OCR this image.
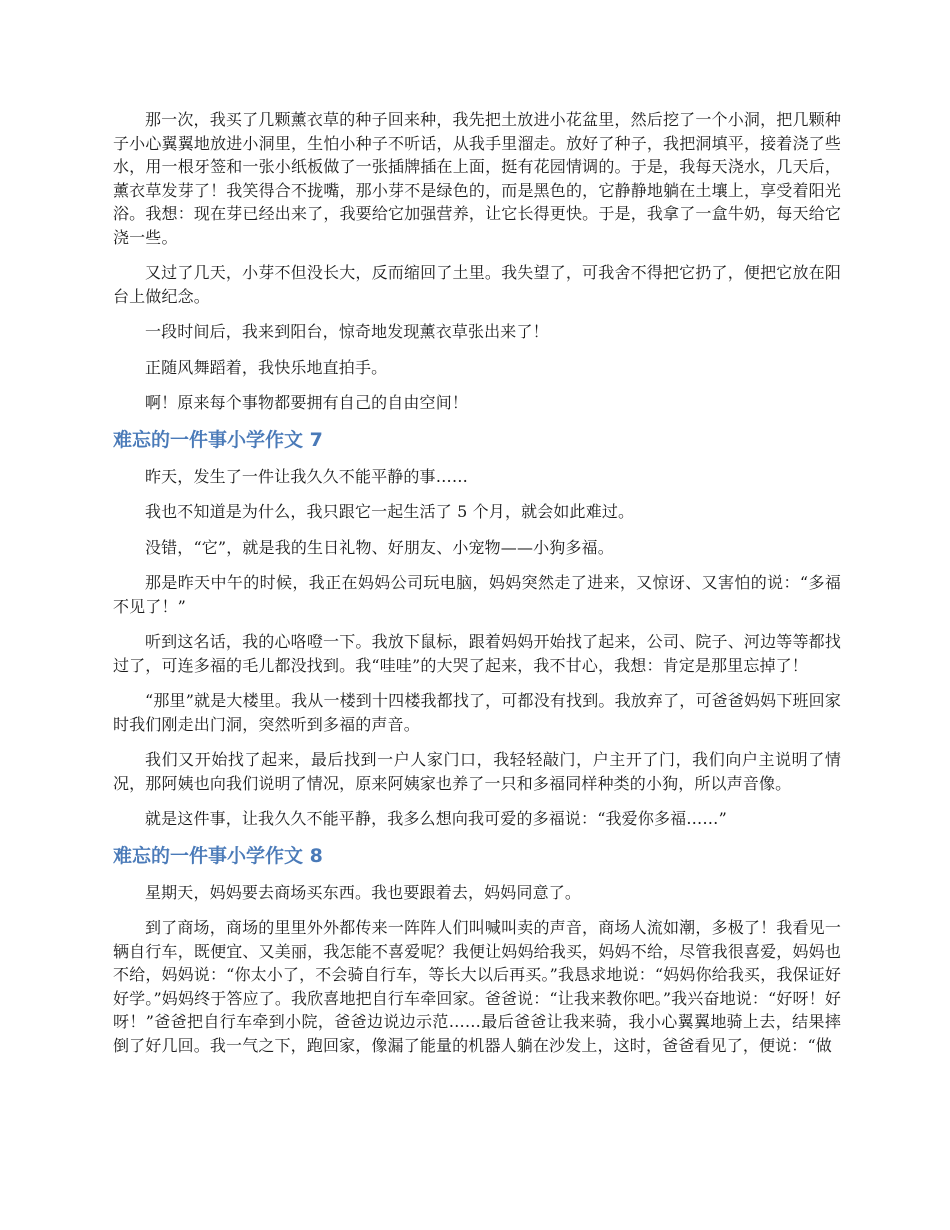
那一次，我买了几颗薰衣草的种子回来种，我先把土放进小花盆里，然后挖了一个小洞，把几颗种子小心翼翼地放进小洞里，生怕小种子不听话，从我手里溜走。放好了种子，我把洞填平，接着浇了些水，用一根牙签和一张小纸板做了一张插牌插在上面，挺有花园情调的。于是，我每天浇水，几天后，薰衣草发芽了！我笑得合不拢嘴，那小芽不是绿色的，而是黑色的，它静静地躺在土壤上，享受着阳光浴。我想：现在芽已经出来了，我要给它加强营养，让它长得更快。于是，我拿了一盒牛奶，每天给它浇一些。

又过了几天，小芽不但没长大，反而缩回了土里。我失望了，可我舍不得把它扔了，便把它放在阳台上做纪念。

一段时间后，我来到阳台，惊奇地发现薰衣草张出来了！

正随风舞蹈着，我快乐地直拍手。

啊！原来每个事物都要拥有自己的自由空间！

难忘的一件事小学作文 7

昨天，发生了一件让我久久不能平静的事……

我也不知道是为什么，我只跟它一起生活了 5 个月，就会如此难过。

没错，“它”，就是我的生日礼物、好朋友、小宠物——小狗多福。

那是昨天中午的时候，我正在妈妈公司玩电脑，妈妈突然走了进来，又惊讶、又害怕的说：“多福不见了！”

听到这名话，我的心咯噔一下。我放下鼠标，跟着妈妈开始找了起来，公司、院子、河边等等都找过了，可连多福的毛儿都没找到。我“哇哇”的大哭了起来，我不甘心，我想：肯定是那里忘掉了！

“那里”就是大楼里。我从一楼到十四楼我都找了，可都没有找到。我放弃了，可爸爸妈妈下班回家时我们刚走出门洞，突然听到多福的声音。

我们又开始找了起来，最后找到一户人家门口，我轻轻敲门，户主开了门，我们向户主说明了情况，那阿姨也向我们说明了情况，原来阿姨家也养了一只和多福同样种类的小狗，所以声音像。

就是这件事，让我久久不能平静，我多么想向我可爱的多福说：“我爱你多福……”

难忘的一件事小学作文 8

星期天，妈妈要去商场买东西。我也要跟着去，妈妈同意了。

到了商场，商场的里里外外都传来一阵阵人们叫喊叫卖的声音，商场人流如潮，多极了！我看见一辆自行车，既便宜、又美丽，我怎能不喜爱呢？我便让妈妈给我买，妈妈不给，尽管我很喜爱，妈妈也不给，妈妈说：“你太小了，不会骑自行车，等长大以后再买。”我恳求地说：“妈妈你给我买，我保证好好学。”妈妈终于答应了。我欣喜地把自行车牵回家。爸爸说：“让我来教你吧。”我兴奋地说：“好呀！好呀！”爸爸把自行车牵到小院，爸爸边说边示范……最后爸爸让我来骑，我小心翼翼地骑上去，结果摔倒了好几回。我一气之下，跑回家，像漏了能量的机器人躺在沙发上，这时，爸爸看见了，便说：“做
